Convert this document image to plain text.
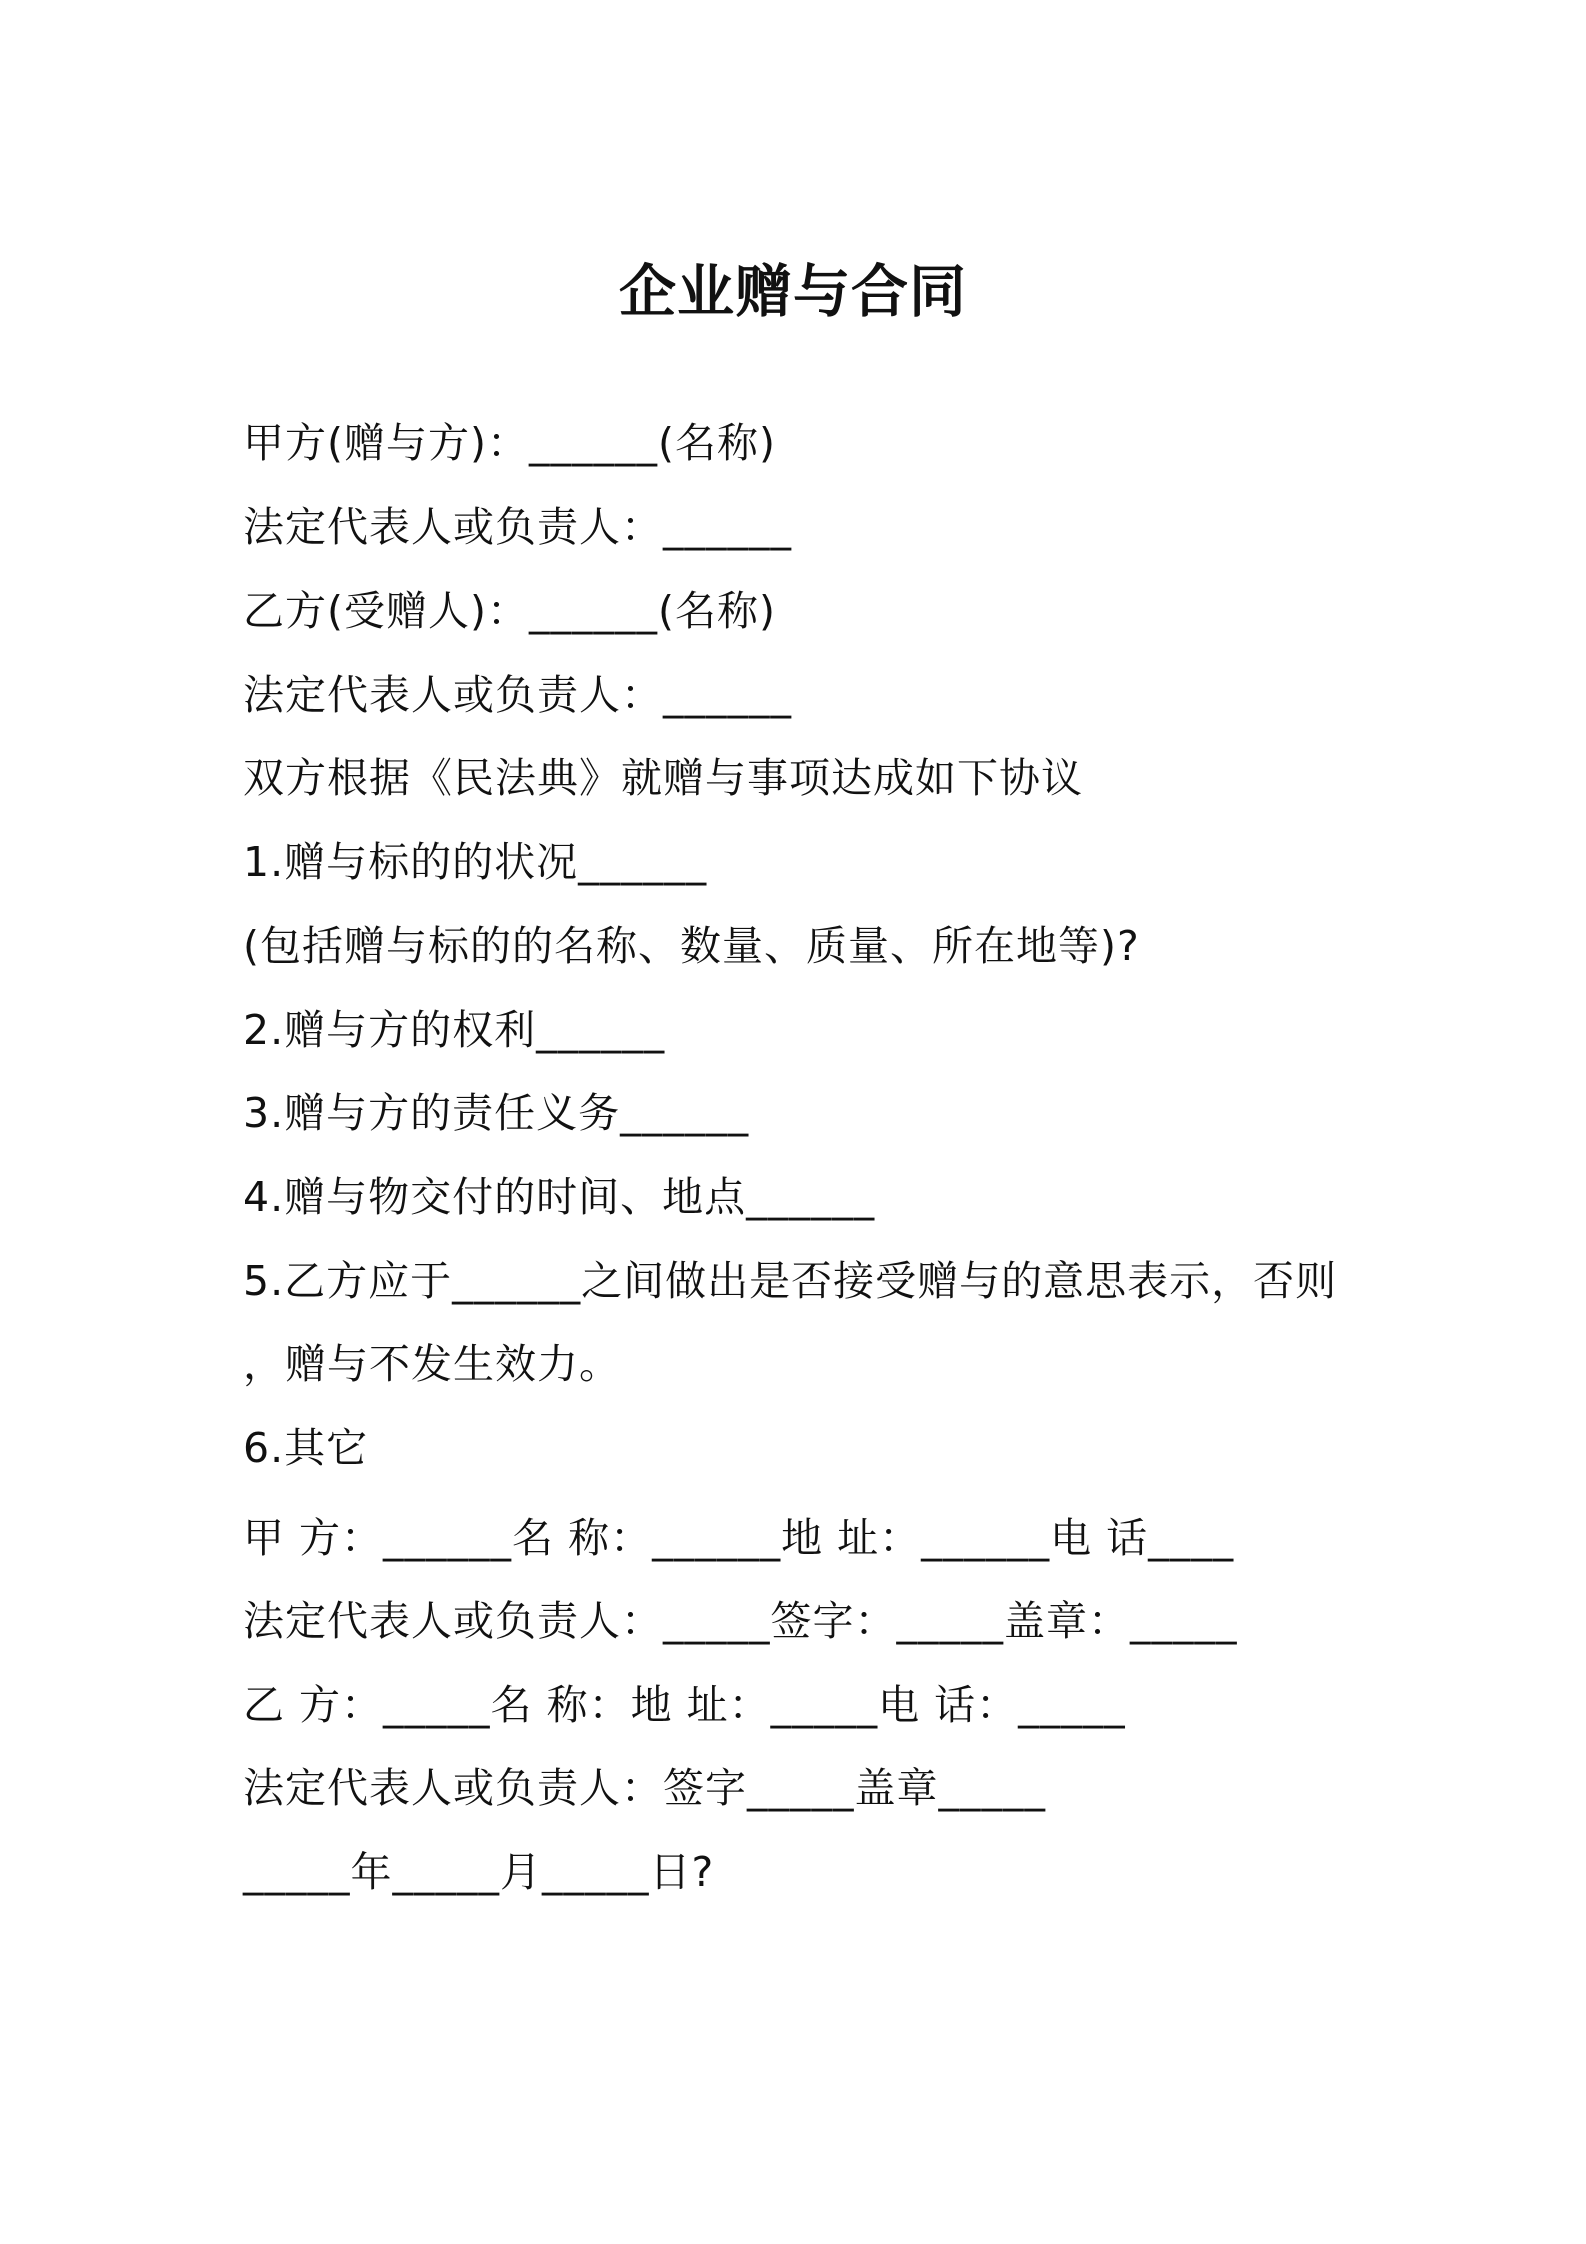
企业赠与合同
甲方(赠与方)：______(名称)
法定代表人或负责人：______
乙方(受赠人)：______(名称)
法定代表人或负责人：______
双方根据《民法典》就赠与事项达成如下协议
1.赠与标的的状况______
(包括赠与标的的名称、数量、质量、所在地等)?
2.赠与方的权利______
3.赠与方的责任义务______
4.赠与物交付的时间、地点______
5.乙方应于______之间做出是否接受赠与的意思表示，否则
，赠与不发生效力。
6.其它
甲 方：______名 称：______地 址：______电 话____
法定代表人或负责人：_____签字：_____盖章：_____
乙 方：_____名 称：地 址：_____电 话：_____
法定代表人或负责人：签字_____盖章_____
_____年_____月_____日?
